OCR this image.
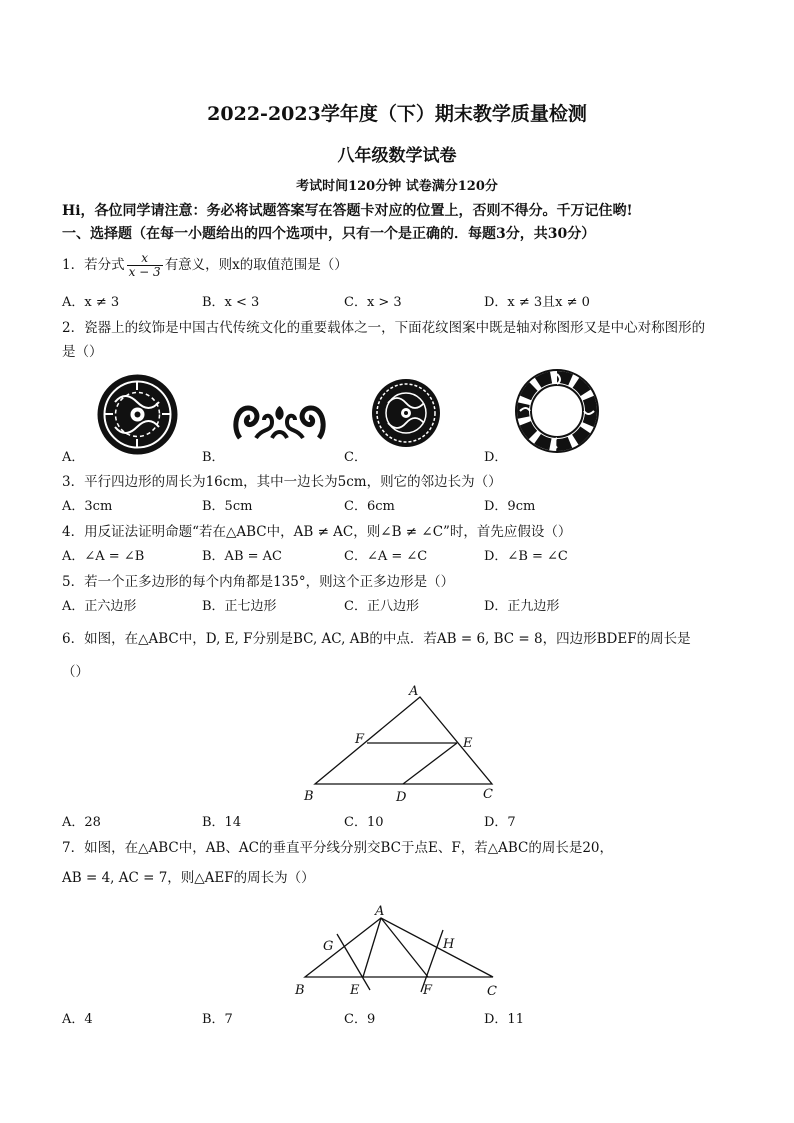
2022-2023学年度（下）期末教学质量检测
八年级数学试卷
考试时间120分钟 试卷满分120分
Hi，各位同学请注意：务必将试题答案写在答题卡对应的位置上，否则不得分。千万记住哟!
一、选择题（在每一小题给出的四个选项中，只有一个是正确的．每题3分，共30分）
1．若分式 $\frac{x}{x - 3}$ 有意义，则x的取值范围是（）
A．x ≠ 3	B．x < 3	C．x > 3	D．x ≠ 3且x ≠ 0
2．瓷器上的纹饰是中国古代传统文化的重要载体之一，下面花纹图案中既是轴对称图形又是中心对称图形的
是（）
A．	B．	C．	D．
3．平行四边形的周长为16cm，其中一边长为5cm，则它的邻边长为（）
A．3cm	B．5cm	C．6cm	D．9cm
4．用反证法证明命题“若在△ABC中，AB ≠ AC，则∠B ≠ ∠C”时，首先应假设（）
A．∠A = ∠B	B．AB = AC	C．∠A = ∠C	D．∠B = ∠C
5．若一个正多边形的每个内角都是135°，则这个正多边形是（）
A．正六边形	B．正七边形	C．正八边形	D．正九边形
6．如图，在△ABC中，D, E, F分别是BC, AC, AB的中点．若AB = 6, BC = 8，四边形BDEF的周长是
（）
A
F	E
B	D	C
A．28	B．14	C．10	D．7
7．如图，在△ABC中，AB、AC的垂直平分线分别交BC于点E、F，若△ABC的周长是20，
AB = 4, AC = 7，则△AEF的周长为（）
A
G	H
B	E	F	C
A．4	B．7	C．9	D．11
